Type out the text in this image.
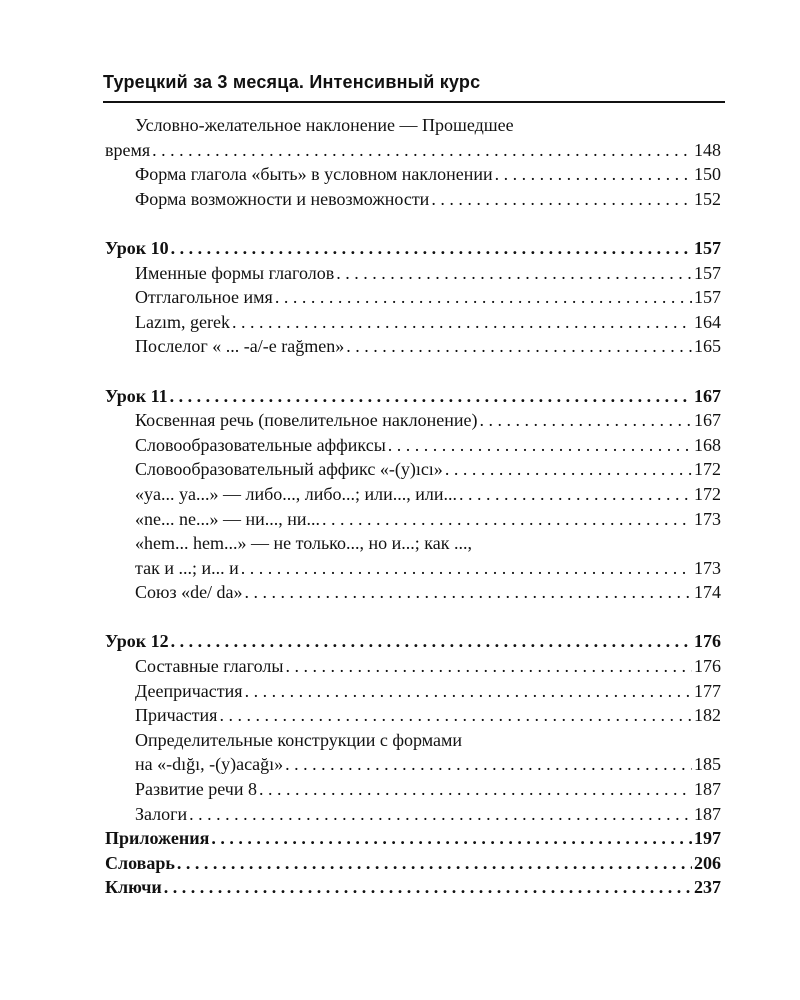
Турецкий за 3 месяца. Интенсивный курс
Условно-желательное наклонение — Прошедшее
время . . .	148
Форма глагола «быть» в условном наклонении . . .	150
Форма возможности и невозможности . . .	152
Урок 10 . . .	157
Именные формы глаголов . . .	157
Отглагольное имя . . .	157
Lazım, gerek . . .	164
Послелог « ... -a/-e rağmen» . . .	165
Урок 11 . . .	167
Косвенная речь (повелительное наклонение) . . .	167
Словообразовательные аффиксы . . .	168
Словообразовательный аффикс «-(y)ıcı» . . .	172
«ya... ya...» — либо..., либо...; или..., или... . . .	172
«ne... ne...» — ни..., ни... . . .	173
«hem... hem...» — не только..., но и...; как ...,
так и ...; и... и . . .	173
Союз «de/ da» . . .	174
Урок 12 . . .	176
Составные глаголы . . .	176
Деепричастия . . .	177
Причастия . . .	182
Определительные конструкции с формами
на «-dığı, -(y)acağı» . . .	185
Развитие речи 8 . . .	187
Залоги . . .	187
Приложения . . .	197
Словарь . . .	206
Ключи . . .	237
